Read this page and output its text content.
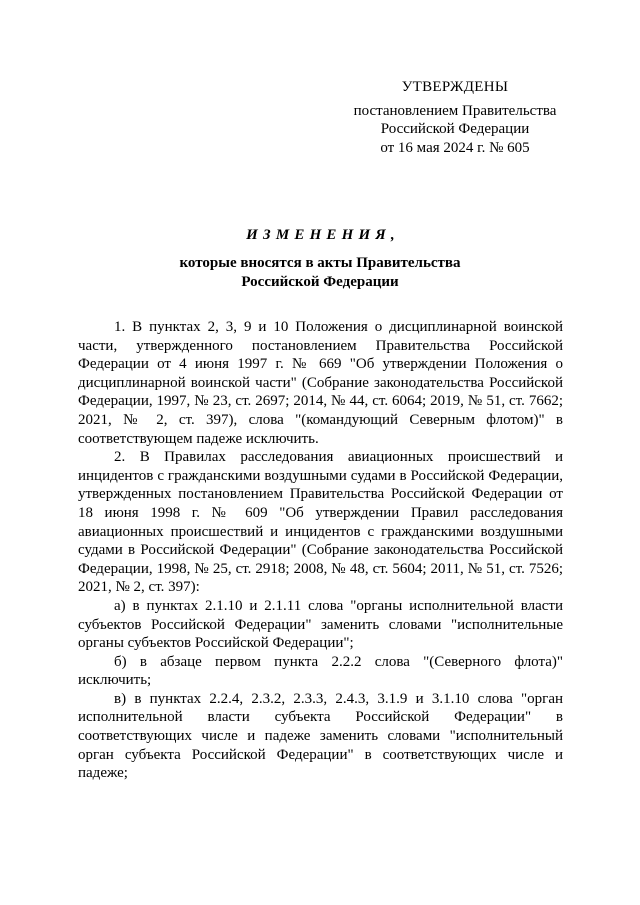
УТВЕРЖДЕНЫ
постановлением Правительства
Российской Федерации
от 16 мая 2024 г. № 605
ИЗМЕНЕНИЯ,
которые вносятся в акты Правительства
Российской Федерации

1. В пунктах 2, 3, 9 и 10 Положения о дисциплинарной воинской части, утвержденного постановлением Правительства Российской Федерации от 4 июня 1997 г. № 669 "Об утверждении Положения о дисциплинарной воинской части" (Собрание законодательства Российской Федерации, 1997, № 23, ст. 2697; 2014, № 44, ст. 6064; 2019, № 51, ст. 7662; 2021, № 2, ст. 397), слова "(командующий Северным флотом)" в соответствующем падеже исключить.

2. В Правилах расследования авиационных происшествий и инцидентов с гражданскими воздушными судами в Российской Федерации, утвержденных постановлением Правительства Российской Федерации от 18 июня 1998 г. № 609 "Об утверждении Правил расследования авиационных происшествий и инцидентов с гражданскими воздушными судами в Российской Федерации" (Собрание законодательства Российской Федерации, 1998, № 25, ст. 2918; 2008, № 48, ст. 5604; 2011, № 51, ст. 7526; 2021, № 2, ст. 397):

а) в пунктах 2.1.10 и 2.1.11 слова "органы исполнительной власти субъектов Российской Федерации" заменить словами "исполнительные органы субъектов Российской Федерации";

б) в абзаце первом пункта 2.2.2 слова "(Северного флота)" исключить;

в) в пунктах 2.2.4, 2.3.2, 2.3.3, 2.4.3, 3.1.9 и 3.1.10 слова "орган исполнительной власти субъекта Российской Федерации" в соответствующих числе и падеже заменить словами "исполнительный орган субъекта Российской Федерации" в соответствующих числе и падеже;
